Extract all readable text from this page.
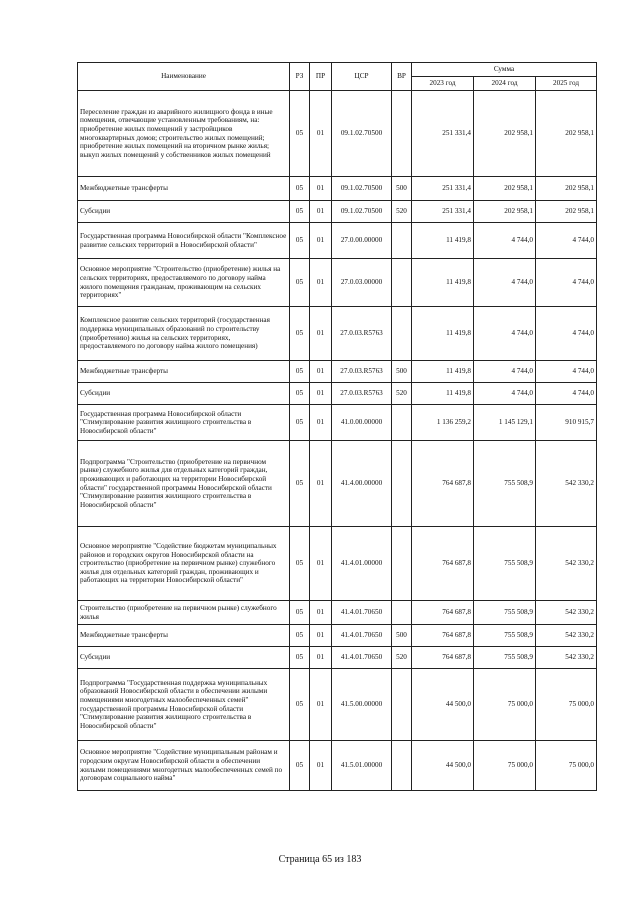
Наименование	РЗ	ПР	ЦСР	ВР	Сумма		
					2023 год	2024 год	2025 год
Переселение граждан из аварийного жилищного фонда в иные помещения, отвечающие установленным требованиям, на: приобретение жилых помещений у застройщиков многоквартирных домов; строительство жилых помещений; приобретение жилых помещений на вторичном рынке жилья; выкуп жилых помещений у собственников жилых помещений	05	01	09.1.02.70500		251 331,4	202 958,1	202 958,1
Межбюджетные трансферты	05	01	09.1.02.70500	500	251 331,4	202 958,1	202 958,1
Субсидии	05	01	09.1.02.70500	520	251 331,4	202 958,1	202 958,1
Государственная программа Новосибирской области "Комплексное развитие сельских территорий в Новосибирской области"	05	01	27.0.00.00000		11 419,8	4 744,0	4 744,0
Основное мероприятие "Строительство (приобретение) жилья на сельских территориях, предоставляемого по договору найма жилого помещения гражданам, проживающим на сельских территориях"	05	01	27.0.03.00000		11 419,8	4 744,0	4 744,0
Комплексное развитие сельских территорий (государственная поддержка муниципальных образований по строительству (приобретению) жилья на сельских территориях, предоставляемого по договору найма жилого помещения)	05	01	27.0.03.R5763		11 419,8	4 744,0	4 744,0
Межбюджетные трансферты	05	01	27.0.03.R5763	500	11 419,8	4 744,0	4 744,0
Субсидии	05	01	27.0.03.R5763	520	11 419,8	4 744,0	4 744,0
Государственная программа Новосибирской области "Стимулирование развития жилищного строительства в Новосибирской области"	05	01	41.0.00.00000		1 136 259,2	1 145 129,1	910 915,7
Подпрограмма "Строительство (приобретение на первичном рынке) служебного жилья для отдельных категорий граждан, проживающих и работающих на территории Новосибирской области" государственной программы Новосибирской области "Стимулирование развития жилищного строительства в Новосибирской области"	05	01	41.4.00.00000		764 687,8	755 508,9	542 330,2
Основное мероприятие "Содействие бюджетам муниципальных районов и городских округов Новосибирской области на строительство (приобретение на первичном рынке) служебного жилья для отдельных категорий граждан, проживающих и работающих на территории Новосибирской области"	05	01	41.4.01.00000		764 687,8	755 508,9	542 330,2
Строительство (приобретение на первичном рынке) служебного жилья	05	01	41.4.01.70650		764 687,8	755 508,9	542 330,2
Межбюджетные трансферты	05	01	41.4.01.70650	500	764 687,8	755 508,9	542 330,2
Субсидии	05	01	41.4.01.70650	520	764 687,8	755 508,9	542 330,2
Подпрограмма "Государственная поддержка муниципальных образований Новосибирской области в обеспечении жилыми помещениями многодетных малообеспеченных семей" государственной программы Новосибирской области "Стимулирование развития жилищного строительства в Новосибирской области"	05	01	41.5.00.00000		44 500,0	75 000,0	75 000,0
Основное мероприятие "Содействие муниципальным районам и городским округам Новосибирской области в обеспечении жилыми помещениями многодетных малообеспеченных семей по договорам социального найма"	05	01	41.5.01.00000		44 500,0	75 000,0	75 000,0
Страница 65 из 183
